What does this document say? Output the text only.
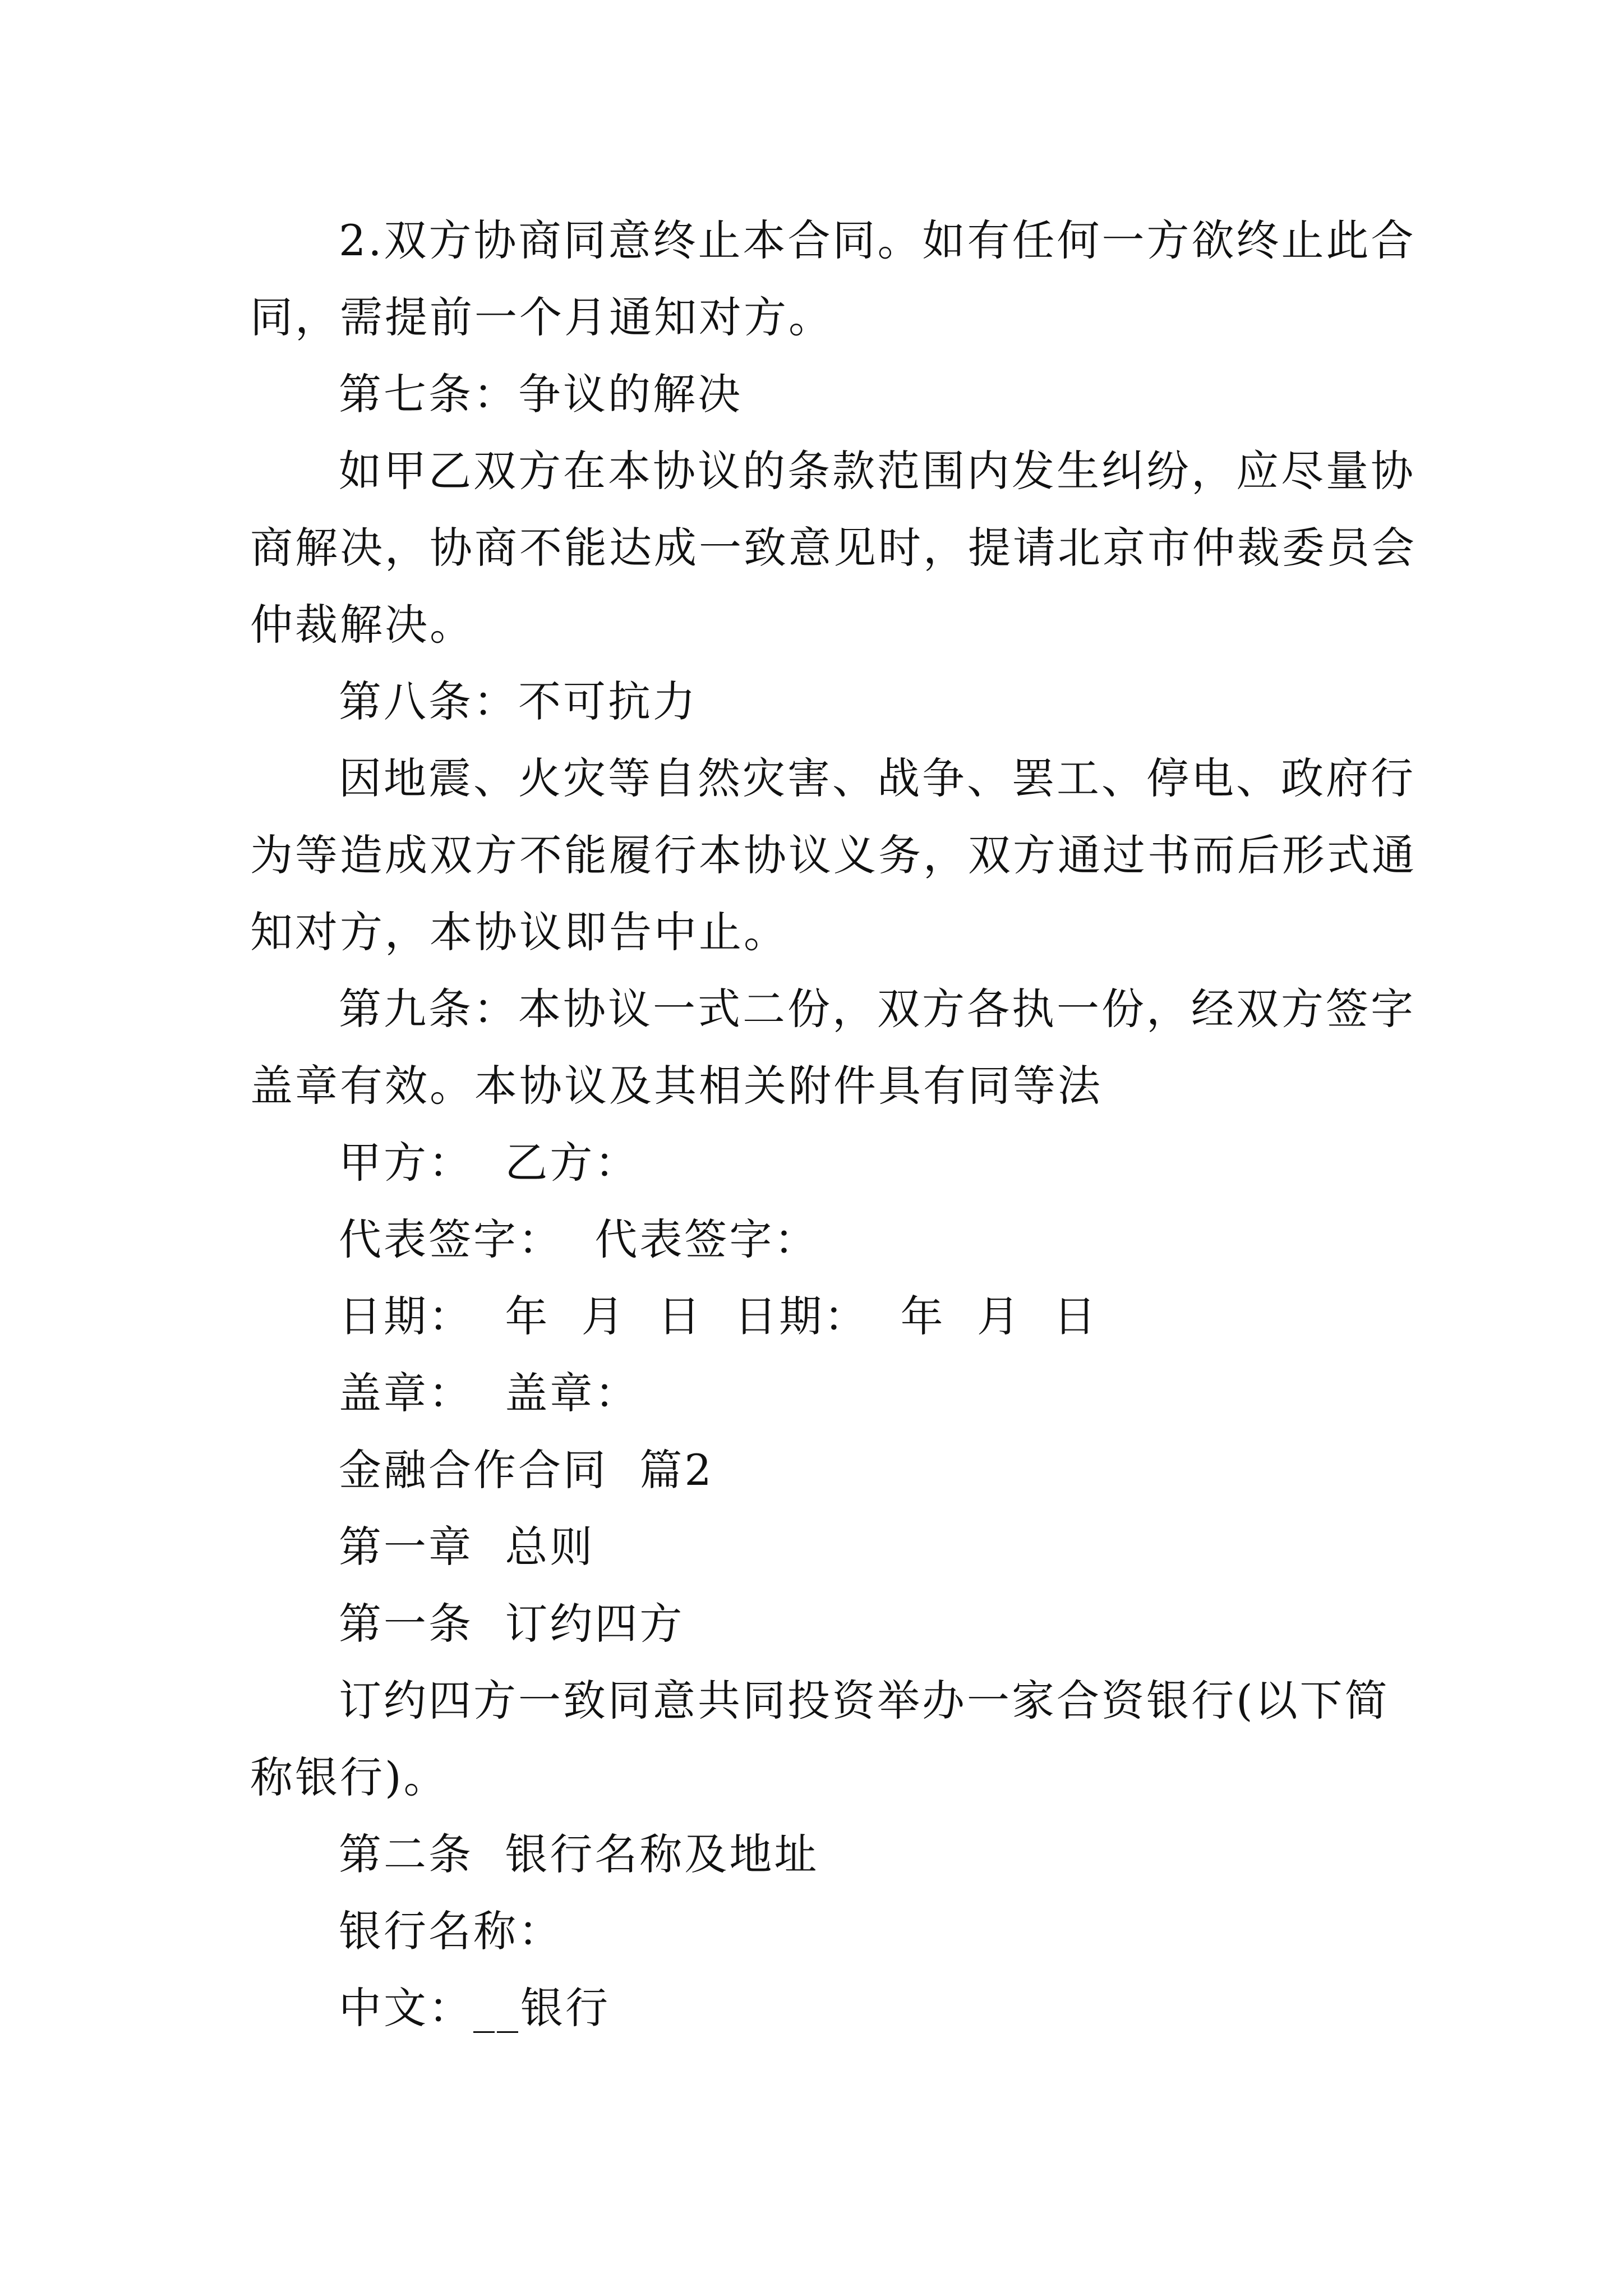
2.双方协商同意终止本合同。如有任何一方欲终止此合
同，需提前一个月通知对方。
第七条：争议的解决
如甲乙双方在本协议的条款范围内发生纠纷，应尽量协
商解决，协商不能达成一致意见时，提请北京市仲裁委员会
仲裁解决。
第八条：不可抗力
因地震、火灾等自然灾害、战争、罢工、停电、政府行
为等造成双方不能履行本协议义务，双方通过书而后形式通
知对方，本协议即告中止。
第九条：本协议一式二份，双方各执一份，经双方签字
盖章有效。本协议及其相关附件具有同等法
甲方：  乙方：
代表签字：  代表签字：
日期：  年  月  日  日期：  年  月  日
盖章：  盖章：
金融合作合同  篇2
第一章  总则
第一条  订约四方
订约四方一致同意共同投资举办一家合资银行(以下简
称银行)。
第二条  银行名称及地址
银行名称：
中文：__银行
